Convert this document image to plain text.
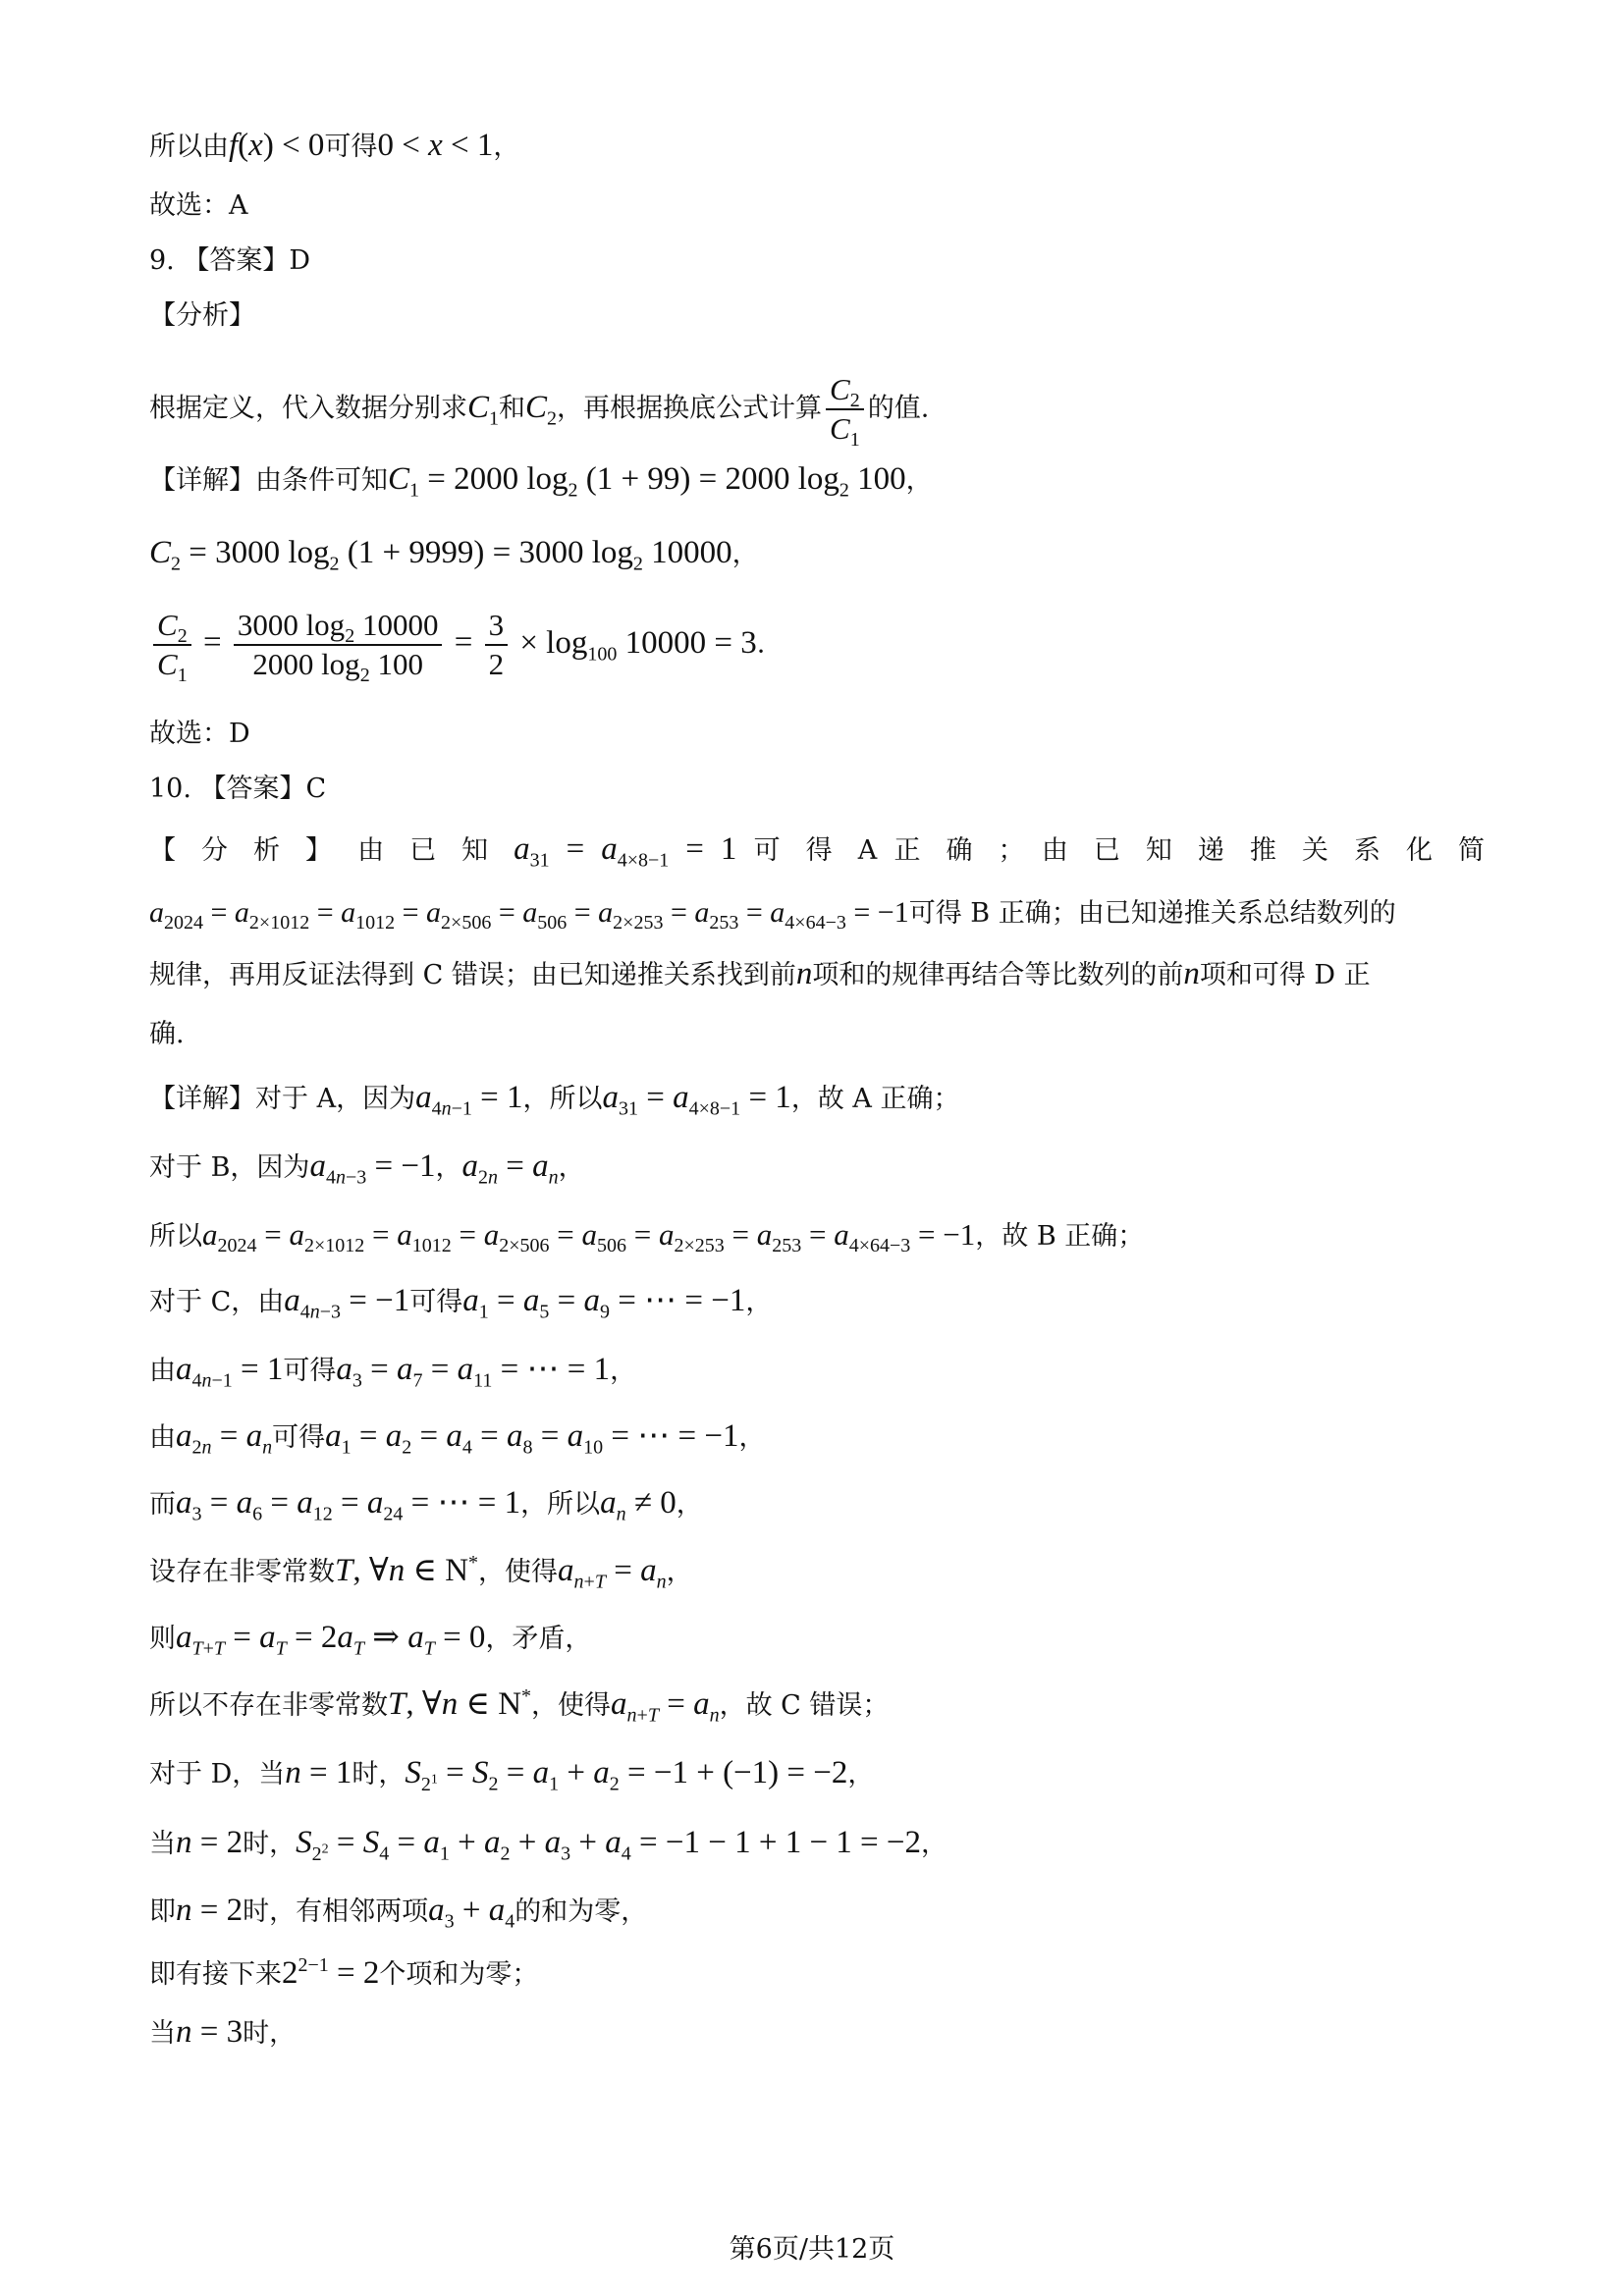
所以由f(x) < 0可得0 < x < 1，
故选：A
9. 【答案】D
【分析】
根据定义，代入数据分别求$C_1$和$C_2$，再根据换底公式计算 $\frac{C_2}{C_1}$ 的值.
【详解】由条件可知$C_1 = 2000$ $\log_2 (1 + 99) = 2000$ $\log_2 100$，
$C_2 = 3000$ $\log_2 (1 + 9999) = 3000$ $\log_2 10000$，
$\frac{C_2}{C_1} = \frac{3000 \log_2 10000}{2000 \log_2 100} = \frac{3}{2} \times \log_{100} 10000 = 3$.
故选：D
10. 【答案】C
【 分 析 】 由 已 知 $a_{31} = a_{4\times 8-1} = 1$ 可 得 A 正 确 ； 由 已 知 递 推 关 系 化 简
$a_{2024} = a_{2\times 1012} = a_{1012} = a_{2\times 506} = a_{506} = a_{2\times 253} = a_{253} = a_{4\times 64-3} = -1$可得 B 正确；由已知递推关系总结数列的
规律，再用反证法得到 C 错误；由已知递推关系找到前n项和的规律再结合等比数列的前n项和可得 D 正
确.
【详解】对于 A，因为$a_{4n-1} = 1$，所以$a_{31} = a_{4\times 8-1} = 1$，故 A 正确；
对于 B，因为$a_{4n-3} = -1$，$a_{2n} = a_n$，
所以$a_{2024} = a_{2\times 1012} = a_{1012} = a_{2\times 506} = a_{506} = a_{2\times 253} = a_{253} = a_{4\times 64-3} = -1$，故 B 正确；
对于 C，由$a_{4n-3} = -1$可得$a_1 = a_5 = a_9$ = ⋯ = −1，
由$a_{4n-1} = 1$可得$a_3 = a_7 = a_{11}$ = ⋯ = 1，
由$a_{2n} = a_n$可得$a_1 = a_2 = a_4 = a_8 = a_{10}$ = ⋯ = −1，
而$a_3 = a_6 = a_{12} = a_{24}$ = ⋯ = 1，所以$a_n \ne 0$，
设存在非零常数T, ∀n ∈ N*，使得$a_{n+T} = a_n$，
则$a_{T+T} = a_T = 2a_T$ ⇒ $a_T = 0$，矛盾，
所以不存在非零常数T, ∀n ∈ N*，使得$a_{n+T} = a_n$，故 C 错误；
对于 D，当n = 1时，$S_{2^1} = S_2 = a_1 + a_2 = -1 + (-1) = -2$，
当n = 2时，$S_{2^2} = S_4 = a_1 + a_2 + a_3 + a_4 = -1 - 1 + 1 - 1 = -2$，
即n = 2时，有相邻两项$a_3 + a_4$的和为零，
即有接下来$2^{2-1} = 2$个项和为零；
当n = 3时，
第6页/共12页
